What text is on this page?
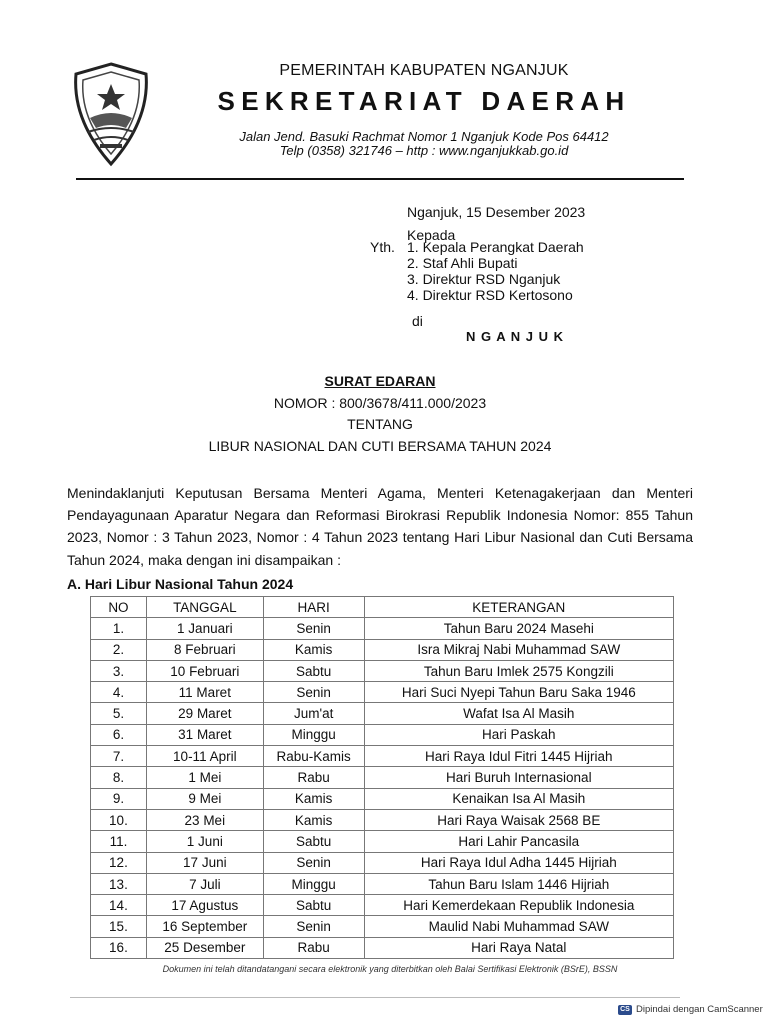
PEMERINTAH KABUPATEN NGANJUK
SEKRETARIAT DAERAH
Jalan Jend. Basuki Rachmat Nomor 1 Nganjuk Kode Pos 64412
Telp (0358) 321746 – http : www.nganjukkab.go.id
Nganjuk, 15 Desember 2023
Kepada
Yth. 1. Kepala Perangkat Daerah
2. Staf Ahli Bupati
3. Direktur RSD Nganjuk
4. Direktur RSD Kertosono
di
N G A N J U K
SURAT EDARAN
NOMOR : 800/3678/411.000/2023
TENTANG
LIBUR NASIONAL DAN CUTI BERSAMA TAHUN 2024
Menindaklanjuti Keputusan Bersama Menteri Agama, Menteri Ketenagakerjaan dan Menteri Pendayagunaan Aparatur Negara dan Reformasi Birokrasi Republik Indonesia Nomor: 855 Tahun 2023, Nomor : 3 Tahun 2023, Nomor : 4 Tahun 2023 tentang Hari Libur Nasional dan Cuti Bersama Tahun 2024, maka dengan ini disampaikan :
A. Hari Libur Nasional Tahun 2024
NO	TANGGAL	HARI	KETERANGAN
1.	1 Januari	Senin	Tahun Baru 2024 Masehi
2.	8 Februari	Kamis	Isra Mikraj Nabi Muhammad SAW
3.	10 Februari	Sabtu	Tahun Baru Imlek 2575 Kongzili
4.	11 Maret	Senin	Hari Suci Nyepi Tahun Baru Saka 1946
5.	29 Maret	Jum'at	Wafat Isa Al Masih
6.	31 Maret	Minggu	Hari Paskah
7.	10-11 April	Rabu-Kamis	Hari Raya Idul Fitri 1445 Hijriah
8.	1 Mei	Rabu	Hari Buruh Internasional
9.	9 Mei	Kamis	Kenaikan Isa Al Masih
10.	23 Mei	Kamis	Hari Raya Waisak 2568 BE
11.	1 Juni	Sabtu	Hari Lahir Pancasila
12.	17 Juni	Senin	Hari Raya Idul Adha 1445 Hijriah
13.	7 Juli	Minggu	Tahun Baru Islam 1446 Hijriah
14.	17 Agustus	Sabtu	Hari Kemerdekaan Republik Indonesia
15.	16 September	Senin	Maulid Nabi Muhammad SAW
16.	25 Desember	Rabu	Hari Raya Natal
Dokumen ini telah ditandatangani secara elektronik yang diterbitkan oleh Balai Sertifikasi Elektronik (BSrE), BSSN
CS Dipindai dengan CamScanner
